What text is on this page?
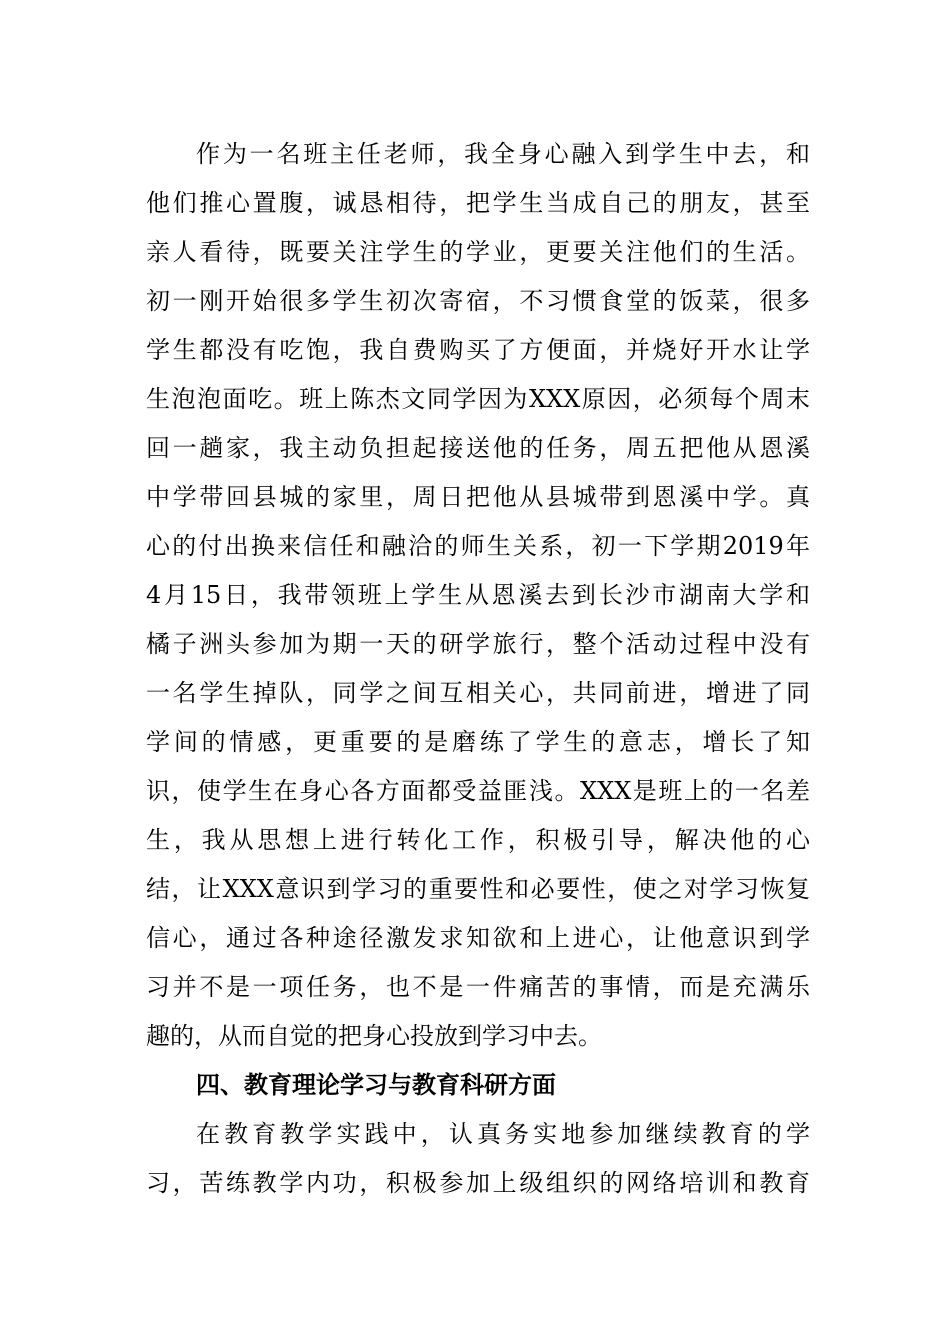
作为一名班主任老师，我全身心融入到学生中去，和
他们推心置腹，诚恳相待，把学生当成自己的朋友，甚至
亲人看待，既要关注学生的学业，更要关注他们的生活。
初一刚开始很多学生初次寄宿，不习惯食堂的饭菜，很多
学生都没有吃饱，我自费购买了方便面，并烧好开水让学
生泡泡面吃。班上陈杰文同学因为XXX原因，必须每个周末
回一趟家，我主动负担起接送他的任务，周五把他从恩溪
中学带回县城的家里，周日把他从县城带到恩溪中学。真
心的付出换来信任和融洽的师生关系，初一下学期2019年
4月15日，我带领班上学生从恩溪去到长沙市湖南大学和
橘子洲头参加为期一天的研学旅行，整个活动过程中没有
一名学生掉队，同学之间互相关心，共同前进，增进了同
学间的情感，更重要的是磨练了学生的意志，增长了知
识，使学生在身心各方面都受益匪浅。XXX是班上的一名差
生，我从思想上进行转化工作，积极引导，解决他的心
结，让XXX意识到学习的重要性和必要性，使之对学习恢复
信心，通过各种途径激发求知欲和上进心，让他意识到学
习并不是一项任务，也不是一件痛苦的事情，而是充满乐
趣的，从而自觉的把身心投放到学习中去。
四、教育理论学习与教育科研方面
在教育教学实践中，认真务实地参加继续教育的学
习，苦练教学内功，积极参加上级组织的网络培训和教育
